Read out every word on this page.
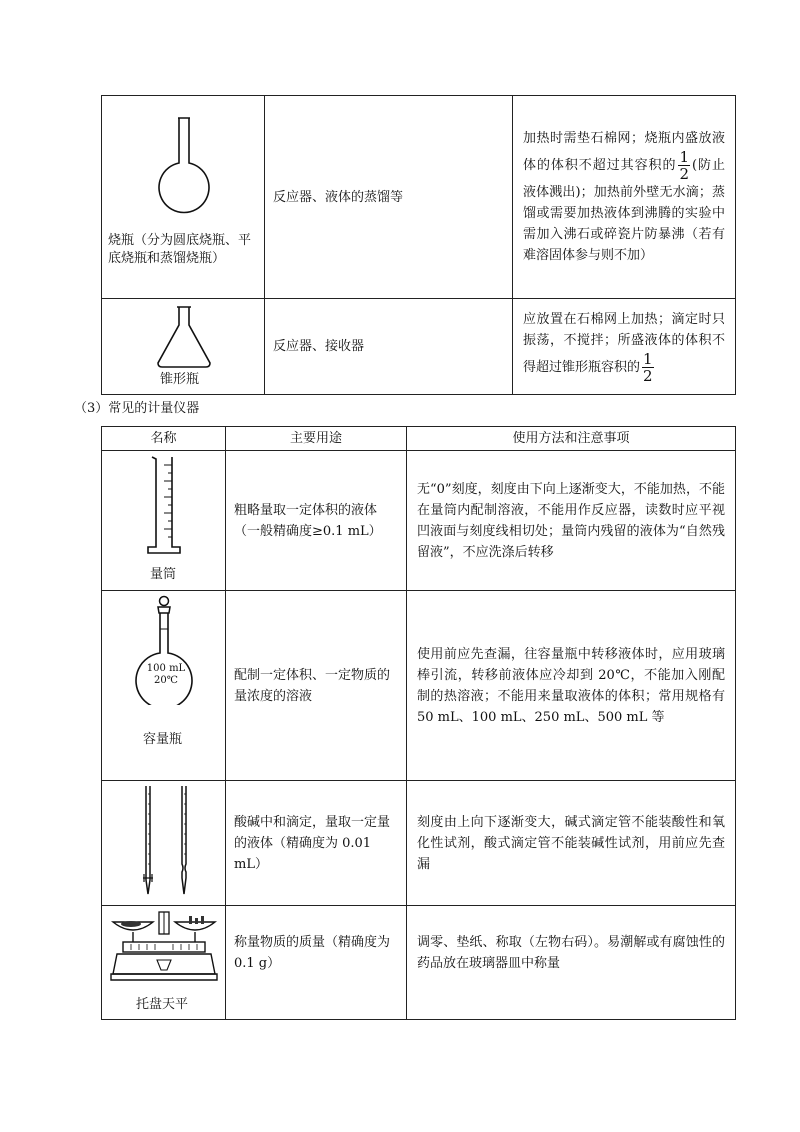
烧瓶（分为圆底烧瓶、平底烧瓶和蒸馏烧瓶）	反应器、液体的蒸馏等	加热时需垫石棉网；烧瓶内盛放液体的体积不超过其容积的 $\frac{1}{2}$ (防止液体溅出)；加热前外壁无水滴；蒸馏或需要加热液体到沸腾的实验中需加入沸石或碎瓷片防暴沸（若有难溶固体参与则不加）

锥形瓶	反应器、接收器	应放置在石棉网上加热；滴定时只振荡，不搅拌；所盛液体的体积不得超过锥形瓶容积的 $\frac{1}{2}$
（3）常见的计量仪器
名称	主要用途	使用方法和注意事项

量筒	粗略量取一定体积的液体（一般精确度≥0.1 mL）	无“0”刻度，刻度由下向上逐渐变大，不能加热，不能在量筒内配制溶液，不能用作反应器，读数时应平视凹液面与刻度线相切处；量筒内残留的液体为“自然残留液”，不应洗涤后转移

100 mL
20℃
容量瓶	配制一定体积、一定物质的量浓度的溶液	使用前应先查漏，往容量瓶中转移液体时，应用玻璃棒引流，转移前液体应冷却到 20℃，不能加入刚配制的热溶液；不能用来量取液体的体积；常用规格有 50 mL、100 mL、250 mL、500 mL 等

	酸碱中和滴定，量取一定量的液体（精确度为 0.01 mL）	刻度由上向下逐渐变大，碱式滴定管不能装酸性和氧化性试剂，酸式滴定管不能装碱性试剂，用前应先查漏

托盘天平	称量物质的质量（精确度为 0.1 g）	调零、垫纸、称取（左物右码）。易潮解或有腐蚀性的药品放在玻璃器皿中称量
